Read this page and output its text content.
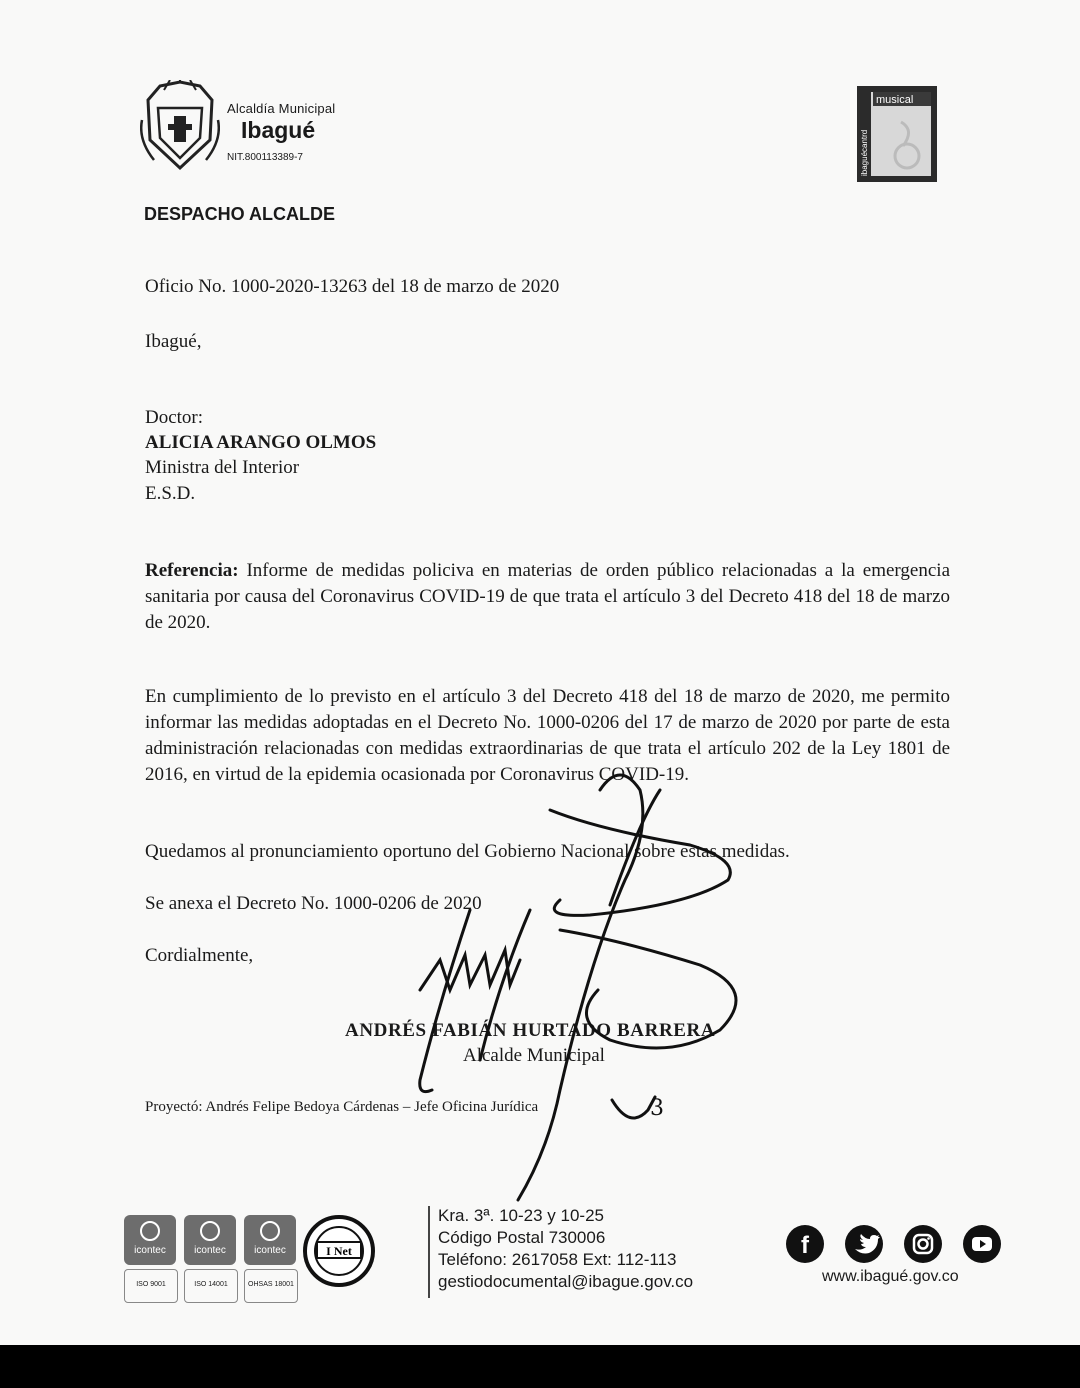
Alcaldía Municipal
Ibagué
NIT.800113389-7
musical
ibaguécantrd
DESPACHO ALCALDE
Oficio No. 1000-2020-13263 del 18 de marzo de 2020
Ibagué,
Doctor:
ALICIA ARANGO OLMOS
Ministra del Interior
E.S.D.

Referencia: Informe de medidas policiva en materias de orden público relacionadas a la emergencia sanitaria por causa del Coronavirus COVID-19 de que trata el artículo 3 del Decreto 418 del 18 de marzo de 2020.

En cumplimiento de lo previsto en el artículo 3 del Decreto 418 del 18 de marzo de 2020, me permito informar las medidas adoptadas en el Decreto No. 1000-0206 del 17 de marzo de 2020 por parte de esta administración relacionadas con medidas extraordinarias de que trata el artículo 202 de la Ley 1801 de 2016, en virtud de la epidemia ocasionada por Coronavirus COVID-19.

Quedamos al pronunciamiento oportuno del Gobierno Nacional sobre estas medidas.
Se anexa el Decreto No. 1000-0206 de 2020
Cordialmente,
ANDRÉS FABIÁN HURTADO BARRERA
Alcalde Municipal
Proyectó: Andrés Felipe Bedoya Cárdenas – Jefe Oficina Jurídica	3
icontec
ISO 9001
icontec
ISO 14001
icontec
OHSAS 18001
I Net
Kra. 3ª. 10-23 y 10-25
Código Postal 730006
Teléfono: 2617058 Ext: 112-113
gestiodocumental@ibague.gov.co
f
www.ibagué.gov.co
